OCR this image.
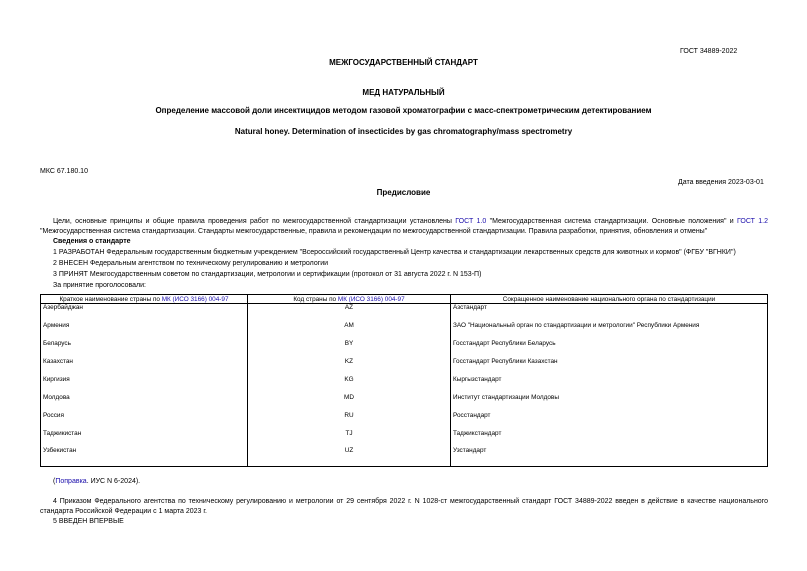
ГОСТ 34889-2022
МЕЖГОСУДАРСТВЕННЫЙ СТАНДАРТ
МЕД НАТУРАЛЬНЫЙ
Определение массовой доли инсектицидов методом газовой хроматографии с масс-спектрометрическим детектированием
Natural honey. Determination of insecticides by gas chromatography/mass spectrometry
МКС 67.180.10
Дата введения 2023-03-01
Предисловие

Цели, основные принципы и общие правила проведения работ по межгосударственной стандартизации установлены ГОСТ 1.0 "Межгосударственная система стандартизации. Основные положения" и ГОСТ 1.2 "Межгосударственная система стандартизации. Стандарты межгосударственные, правила и рекомендации по межгосударственной стандартизации. Правила разработки, принятия, обновления и отмены"

Сведения о стандарте
1 РАЗРАБОТАН Федеральным государственным бюджетным учреждением "Всероссийский государственный Центр качества и стандартизации лекарственных средств для животных и кормов" (ФГБУ "ВГНКИ")
2 ВНЕСЕН Федеральным агентством по техническому регулированию и метрологии
3 ПРИНЯТ Межгосударственным советом по стандартизации, метрологии и сертификации (протокол от 31 августа 2022 г. N 153-П)
За принятие проголосовали:
Краткое наименование страны по МК (ИСО 3166) 004-97	Код страны по МК (ИСО 3166) 004-97	Сокращенное наименование национального органа по стандартизации
Азербайджан	AZ	Азстандарт
Армения	AM	ЗАО "Национальный орган по стандартизации и метрологии" Республики Армения
Беларусь	BY	Госстандарт Республики Беларусь
Казахстан	KZ	Госстандарт Республики Казахстан
Киргизия	KG	Кыргызстандарт
Молдова	MD	Институт стандартизации Молдовы
Россия	RU	Росстандарт
Таджикистан	TJ	Таджикстандарт
Узбекистан	UZ	Узстандарт
(Поправка. ИУС N 6-2024).

4 Приказом Федерального агентства по техническому регулированию и метрологии от 29 сентября 2022 г. N 1028-ст межгосударственный стандарт ГОСТ 34889-2022 введен в действие в качестве национального стандарта Российской Федерации с 1 марта 2023 г.

5 ВВЕДЕН ВПЕРВЫЕ
